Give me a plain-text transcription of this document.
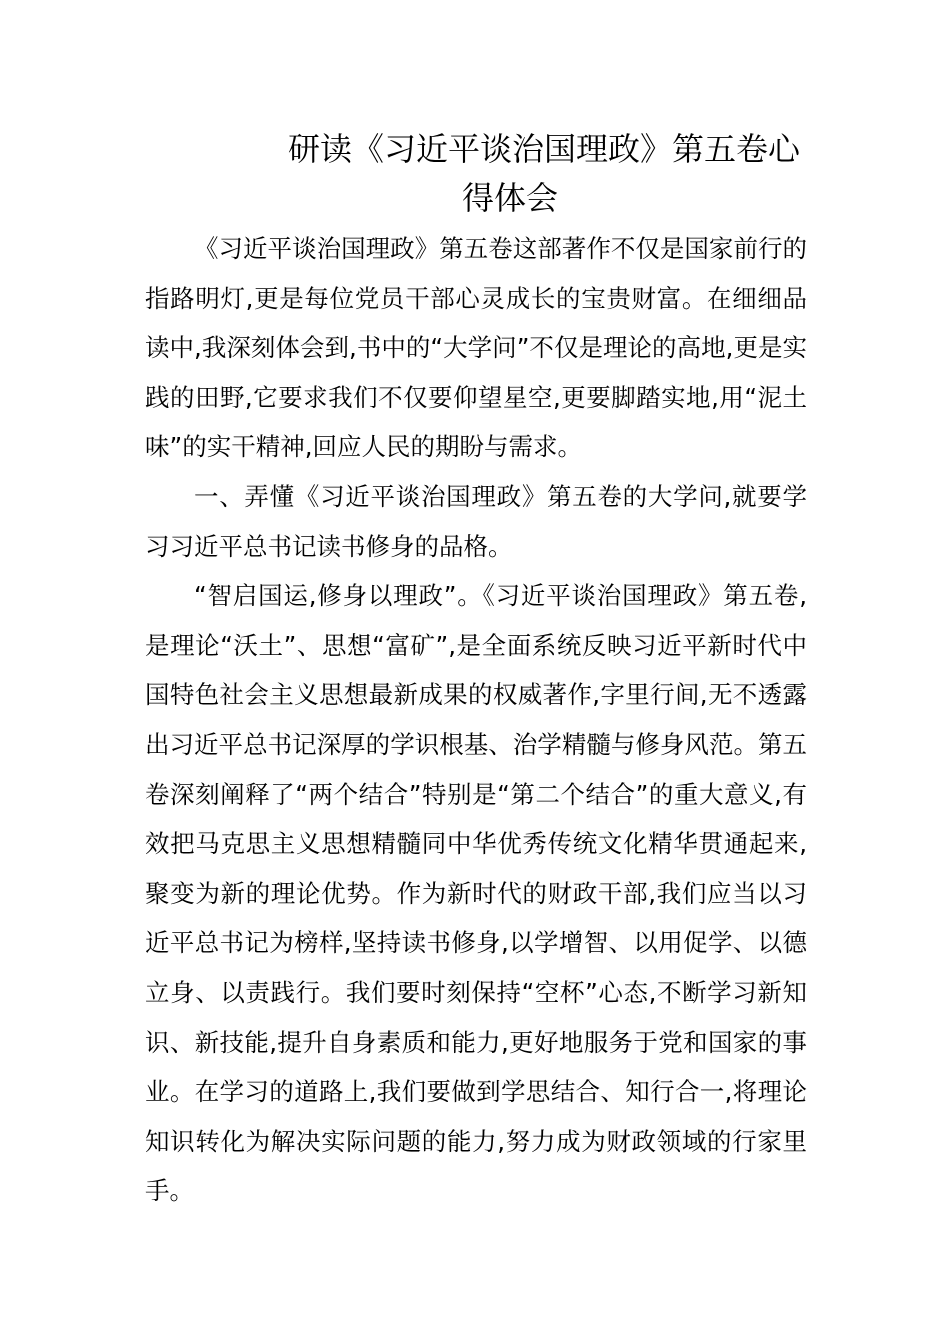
研读《习近平谈治国理政》第五卷心
得体会

《习近平谈治国理政》第五卷这部著作不仅是国家前行的指路明灯,更是每位党员干部心灵成长的宝贵财富。在细细品读中,我深刻体会到,书中的“大学问”不仅是理论的高地,更是实践的田野,它要求我们不仅要仰望星空,更要脚踏实地,用“泥土味”的实干精神,回应人民的期盼与需求。

一、弄懂《习近平谈治国理政》第五卷的大学问,就要学习习近平总书记读书修身的品格。

“智启国运,修身以理政”。《习近平谈治国理政》第五卷,是理论“沃土”、思想“富矿”,是全面系统反映习近平新时代中国特色社会主义思想最新成果的权威著作,字里行间,无不透露出习近平总书记深厚的学识根基、治学精髓与修身风范。第五卷深刻阐释了“两个结合”特别是“第二个结合”的重大意义,有效把马克思主义思想精髓同中华优秀传统文化精华贯通起来,聚变为新的理论优势。作为新时代的财政干部,我们应当以习近平总书记为榜样,坚持读书修身,以学增智、以用促学、以德立身、以责践行。我们要时刻保持“空杯”心态,不断学习新知识、新技能,提升自身素质和能力,更好地服务于党和国家的事业。在学习的道路上,我们要做到学思结合、知行合一,将理论知识转化为解决实际问题的能力,努力成为财政领域的行家里手。
